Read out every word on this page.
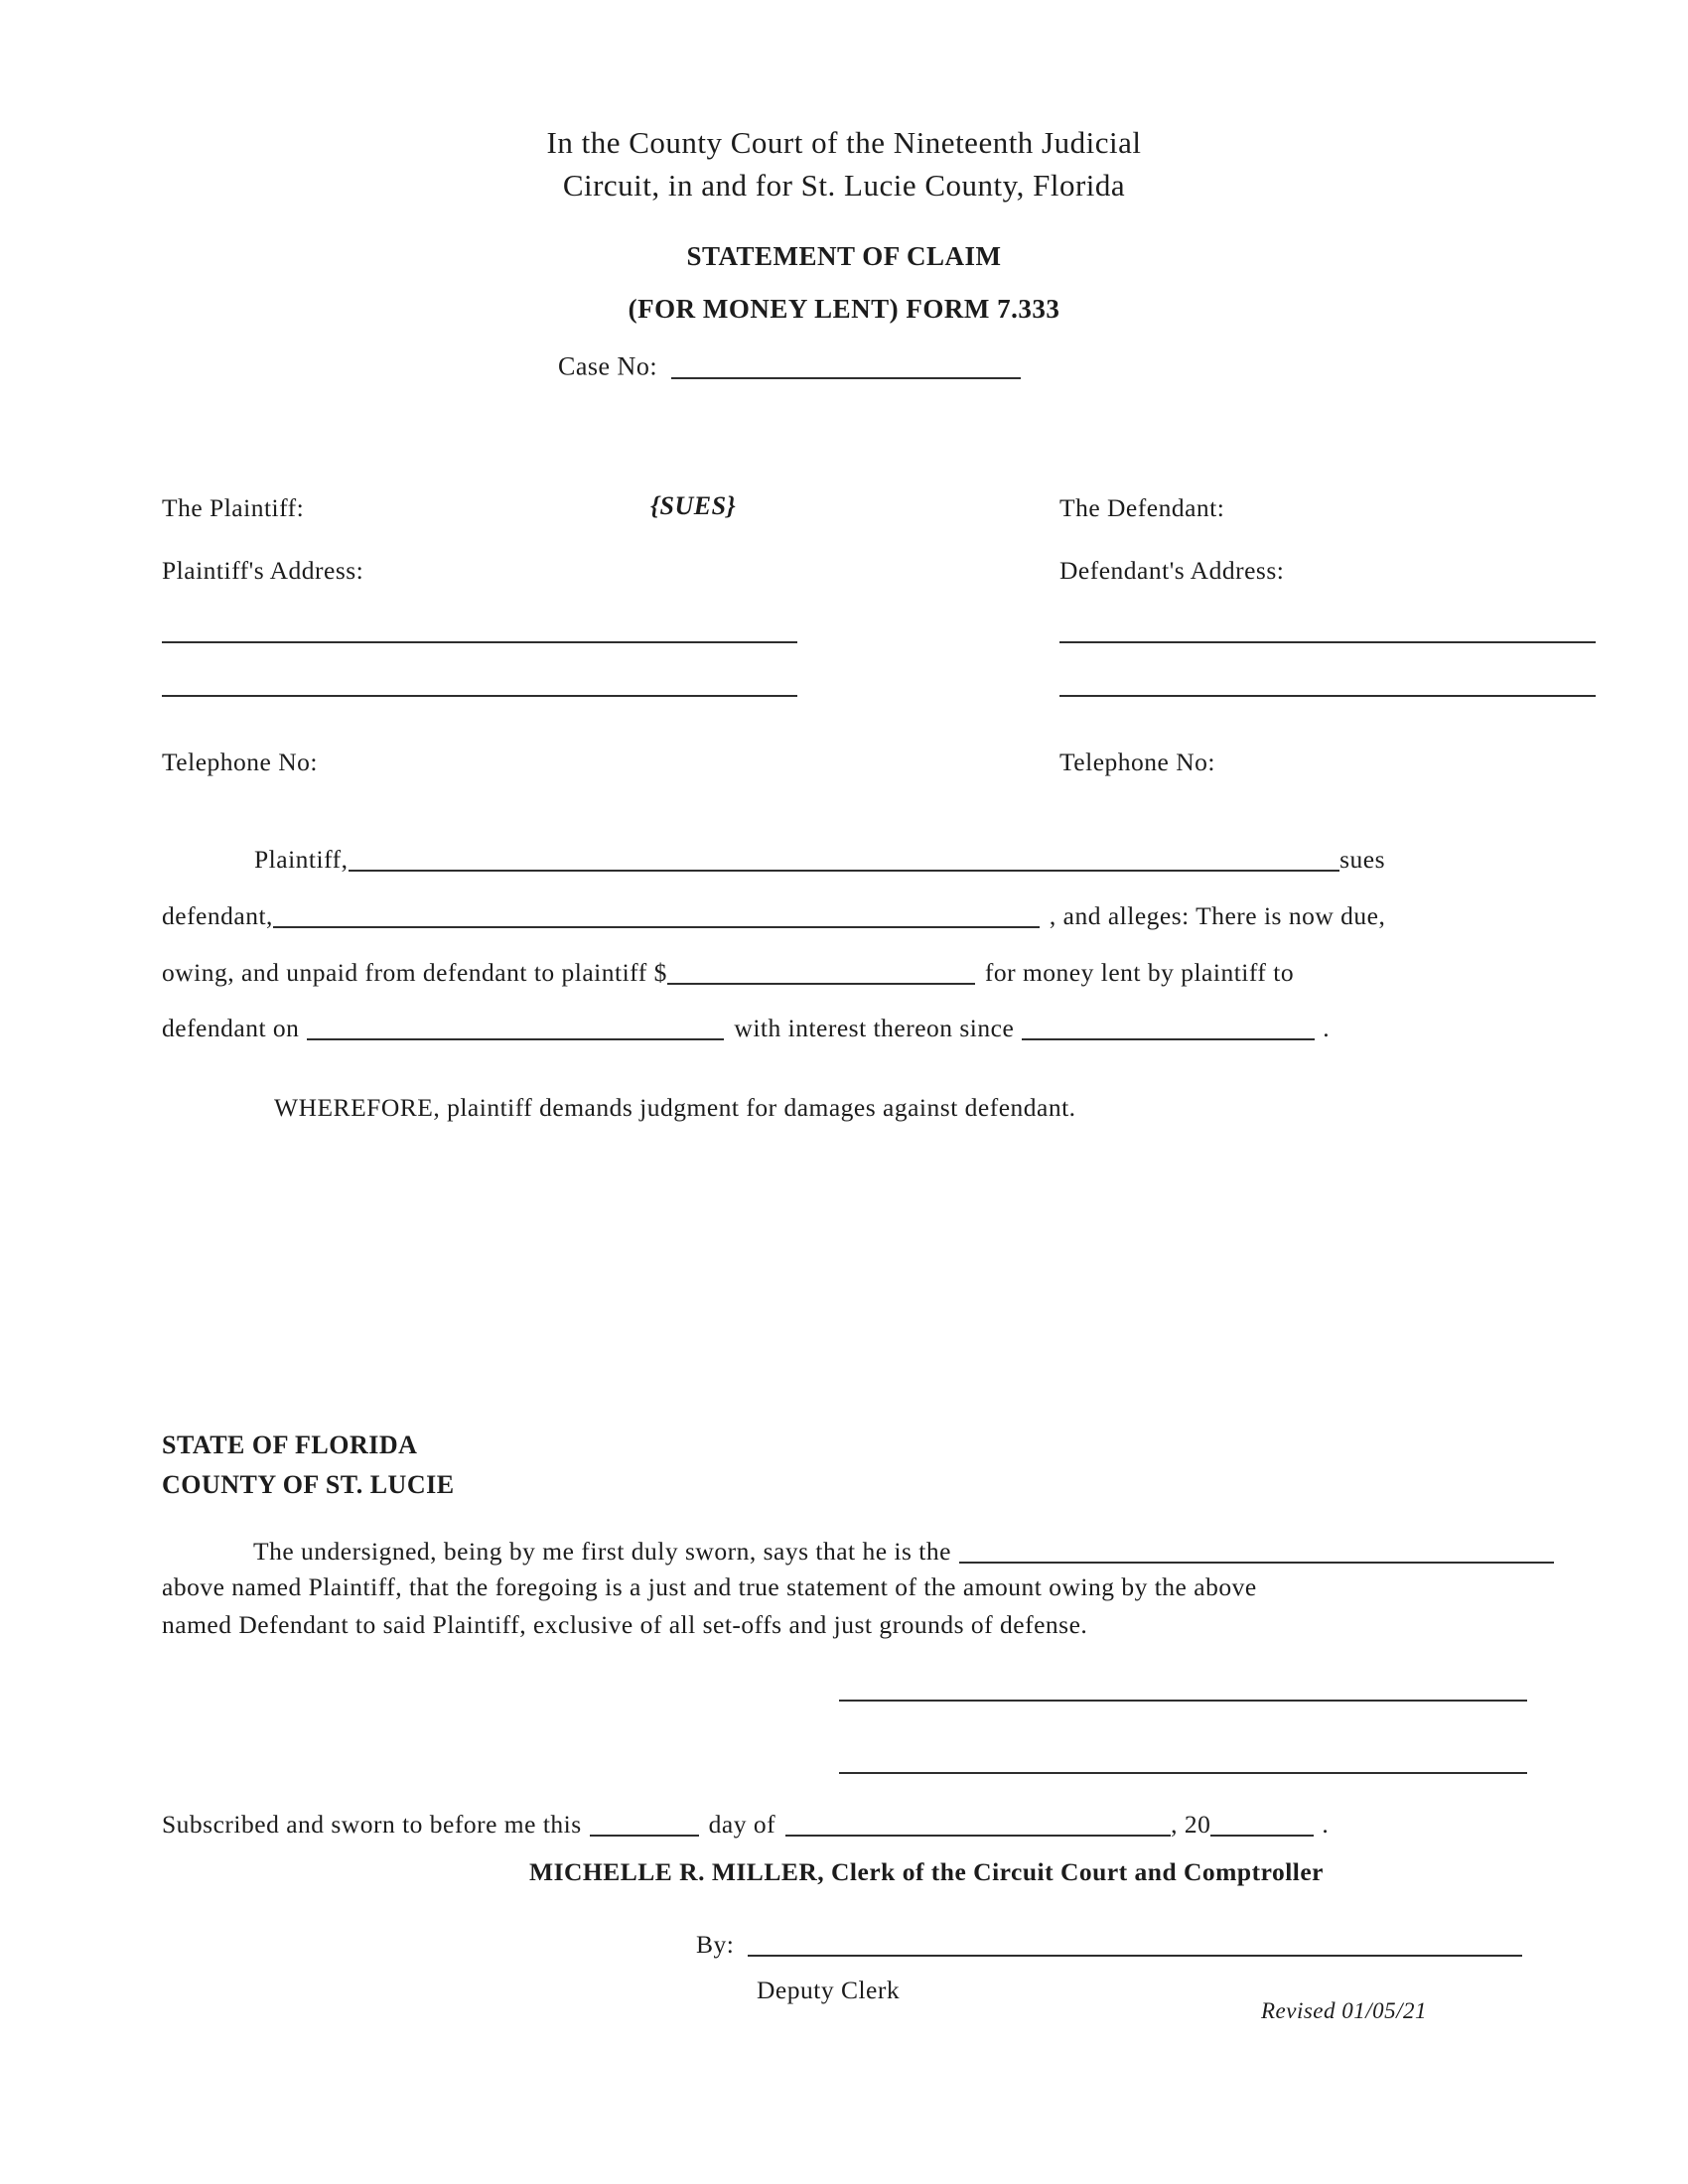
In the County Court of the Nineteenth Judicial
Circuit, in and for St. Lucie County, Florida
STATEMENT OF CLAIM
(FOR MONEY LENT) FORM 7.333
Case No:
The Plaintiff:	{SUES}	The Defendant:
Plaintiff's Address:	Defendant's Address:
Telephone No:	Telephone No:
Plaintiff,	sues
defendant,	, and alleges: There is now due,
owing, and unpaid from defendant to plaintiff $	for money lent by plaintiff to
defendant on	with interest thereon since	.
WHEREFORE, plaintiff demands judgment for damages against defendant.
STATE OF FLORIDA
COUNTY OF ST. LUCIE
The undersigned, being by me first duly sworn, says that he is the
above named Plaintiff, that the foregoing is a just and true statement of the amount owing by the above
named Defendant to said Plaintiff, exclusive of all set-offs and just grounds of defense.
Subscribed and sworn to before me this	day of	, 20	.
MICHELLE R. MILLER, Clerk of the Circuit Court and Comptroller
By:
Deputy Clerk
Revised 01/05/21
